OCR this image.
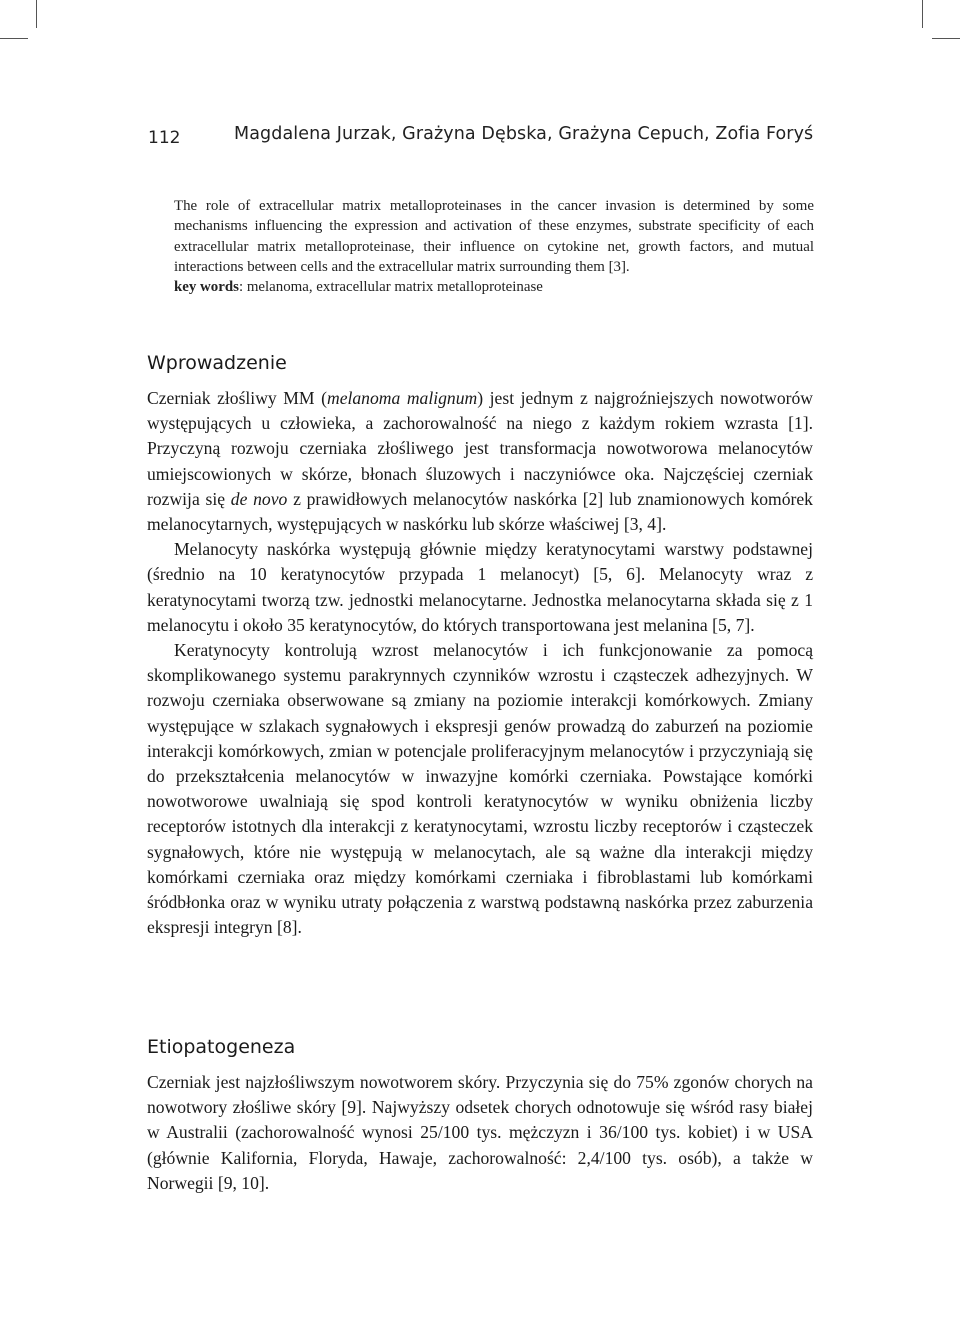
112	Magdalena Jurzak, Grażyna Dębska, Grażyna Cepuch, Zofia Foryś

The role of extracellular matrix metalloproteinases in the cancer invasion is determined by some mechanisms influencing the expression and activation of these enzymes, substrate specificity of each extracellular matrix metalloproteinase, their influence on cytokine net, growth factors, and mutual interactions between cells and the extracellular matrix surrounding them [3].

key words: melanoma, extracellular matrix metalloproteinase

Wprowadzenie

Czerniak złośliwy MM (melanoma malignum) jest jednym z najgroźniejszych nowotworów występujących u człowieka, a zachorowalność na niego z każdym rokiem wzrasta [1]. Przyczyną rozwoju czerniaka złośliwego jest transformacja nowotworowa melanocytów umiejscowionych w skórze, błonach śluzowych i naczyniówce oka. Najczęściej czerniak rozwija się de novo z prawidłowych melanocytów naskórka [2] lub znamionowych komórek melanocytarnych, występujących w naskórku lub skórze właściwej [3, 4].

Melanocyty naskórka występują głównie między keratynocytami warstwy podstawnej (średnio na 10 keratynocytów przypada 1 melanocyt) [5, 6]. Melanocyty wraz z keratynocytami tworzą tzw. jednostki melanocytarne. Jednostka melanocytarna składa się z 1 melanocytu i około 35 keratynocytów, do których transportowana jest melanina [5, 7].

Keratynocyty kontrolują wzrost melanocytów i ich funkcjonowanie za pomocą skomplikowanego systemu parakrynnych czynników wzrostu i cząsteczek adhezyjnych. W rozwoju czerniaka obserwowane są zmiany na poziomie interakcji komórkowych. Zmiany występujące w szlakach sygnałowych i ekspresji genów prowadzą do zaburzeń na poziomie interakcji komórkowych, zmian w potencjale proliferacyjnym melanocytów i przyczyniają się do przekształcenia melanocytów w inwazyjne komórki czerniaka. Powstające komórki nowotworowe uwalniają się spod kontroli keratynocytów w wyniku obniżenia liczby receptorów istotnych dla interakcji z keratynocytami, wzrostu liczby receptorów i cząsteczek sygnałowych, które nie występują w melanocytach, ale są ważne dla interakcji między komórkami czerniaka oraz między komórkami czerniaka i fibroblastami lub komórkami śródbłonka oraz w wyniku utraty połączenia z warstwą podstawną naskórka przez zaburzenia ekspresji integryn [8].

Etiopatogeneza

Czerniak jest najzłośliwszym nowotworem skóry. Przyczynia się do 75% zgonów chorych na nowotwory złośliwe skóry [9]. Najwyższy odsetek chorych odnotowuje się wśród rasy białej w Australii (zachorowalność wynosi 25/100 tys. mężczyzn i 36/100 tys. kobiet) i w USA (głównie Kalifornia, Floryda, Hawaje, zachorowalność: 2,4/100 tys. osób), a także w Norwegii [9, 10].
